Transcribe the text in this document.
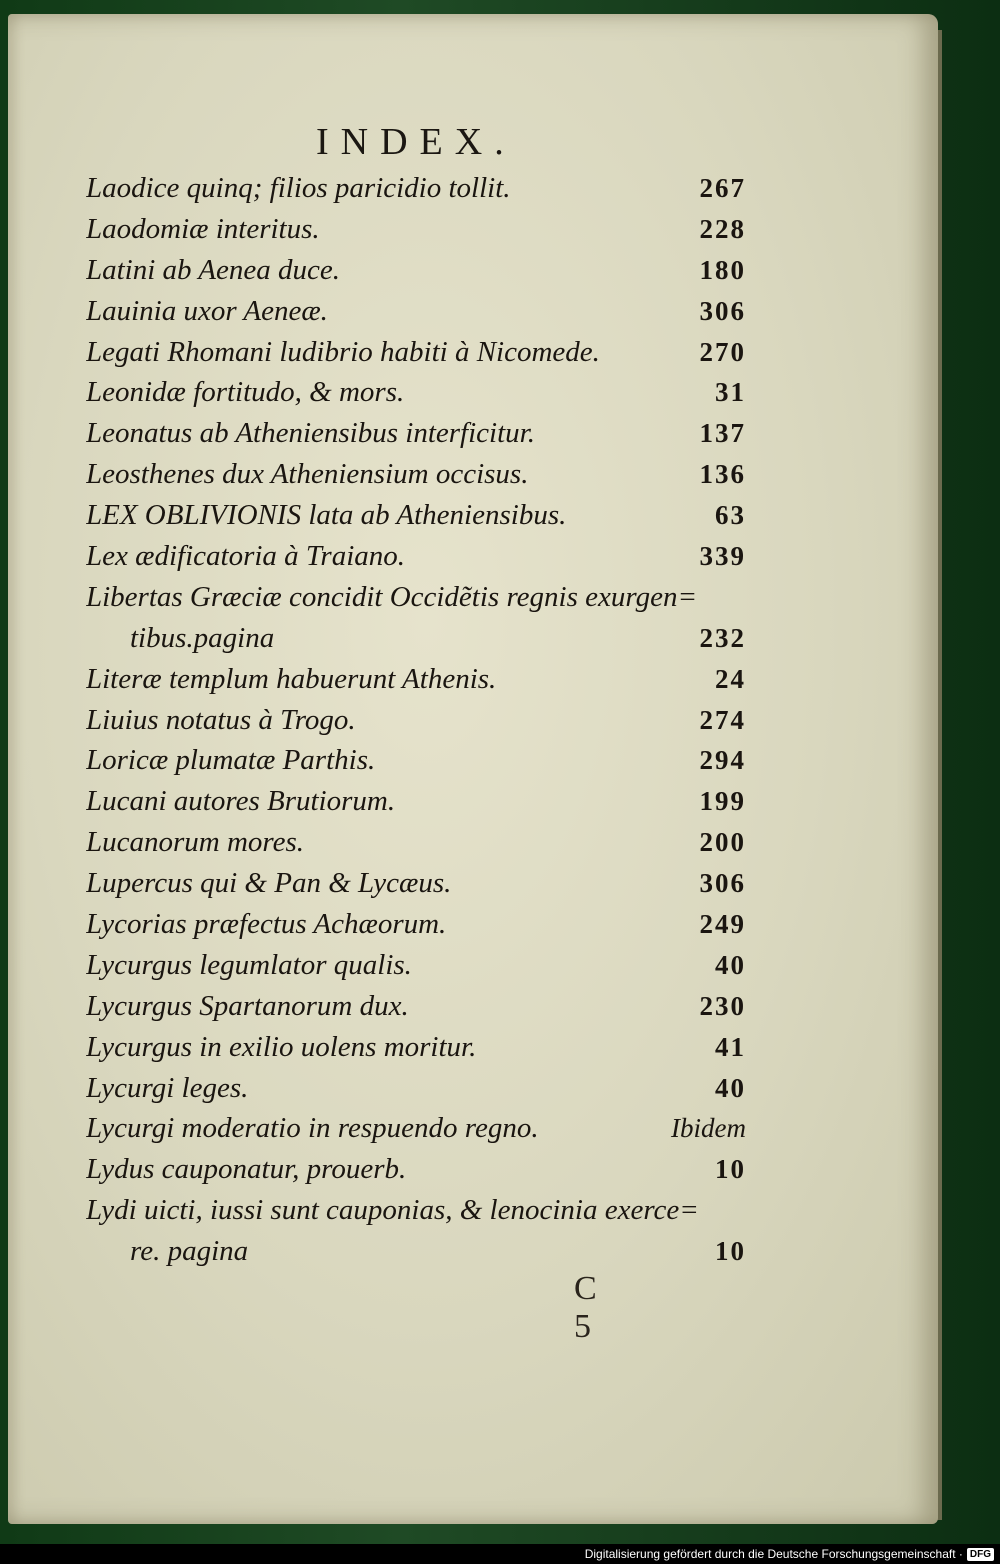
INDEX.
Laodice quinq; filios paricidio tollit.	267
Laodomiæ interitus.	228
Latini ab Aenea duce.	180
Lauinia uxor Aeneæ.	306
Legati Rhomani ludibrio habiti à Nicomede.	270
Leonidæ fortitudo, & mors.	31
Leonatus ab Atheniensibus interficitur.	137
Leosthenes dux Atheniensium occisus.	136
LEX OBLIVIONIS lata ab Atheniensibus.	63
Lex ædificatoria à Traiano.	339
Libertas Græciæ concidit Occidẽtis regnis exurgen=
tibus.pagina	232
Literæ templum habuerunt Athenis.	24
Liuius notatus à Trogo.	274
Loricæ plumatæ Parthis.	294
Lucani autores Brutiorum.	199
Lucanorum mores.	200
Lupercus qui & Pan & Lycæus.	306
Lycorias præfectus Achæorum.	249
Lycurgus legumlator qualis.	40
Lycurgus Spartanorum dux.	230
Lycurgus in exilio uolens moritur.	41
Lycurgi leges.	40
Lycurgi moderatio in respuendo regno.	Ibidem
Lydus cauponatur, prouerb.	10
Lydi uicti, iussi sunt cauponias, & lenocinia exerce=
re. pagina	10
C 5
Digitalisierung gefördert durch die Deutsche Forschungsgemeinschaft · DFG
